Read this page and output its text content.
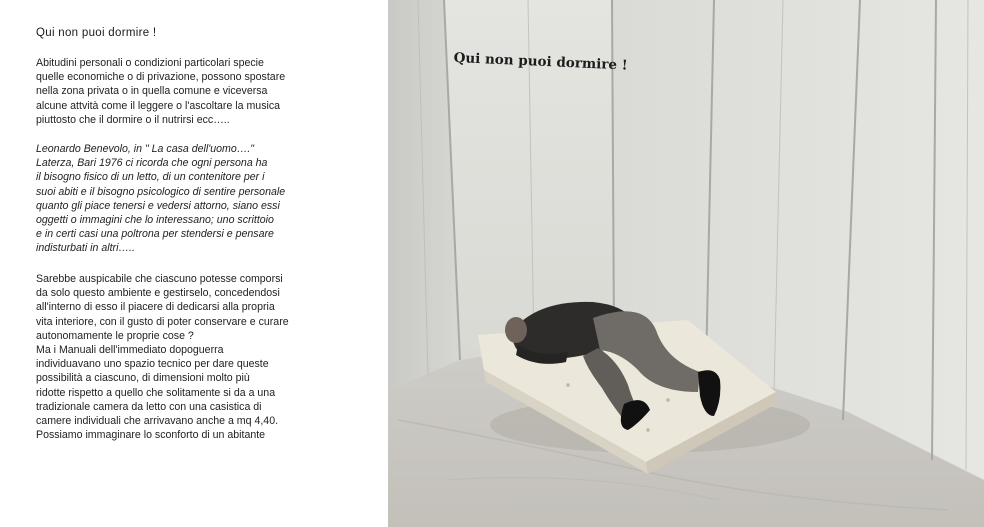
Qui non puoi dormire !
Abitudini personali o condizioni particolari specie
quelle economiche o di privazione, possono spostare
nella zona privata o in quella comune e viceversa
alcune attvità come il leggere o l'ascoltare la musica
piuttosto che il dormire o il nutrirsi ecc…..
Leonardo Benevolo, in " La casa dell'uomo…."
Laterza, Bari 1976 ci ricorda che ogni persona ha
il bisogno fisico di un letto, di un contenitore per i
suoi abiti e il bisogno psicologico di sentire personale
quanto gli piace tenersi e vedersi attorno, siano essi
oggetti o immagini che lo interessano; uno scrittoio
e in certi casi una poltrona per stendersi e pensare
indisturbati in altri…..
Sarebbe auspicabile che ciascuno potesse comporsi
da solo questo ambiente e gestirselo, concedendosi
all'interno di esso il piacere di dedicarsi alla propria
vita interiore, con il gusto di poter conservare e curare
autonomamente le proprie cose ?
Ma i Manuali dell'immediato dopoguerra
individuavano uno spazio tecnico per dare queste
possibilità a ciascuno, di dimensioni molto più
ridotte rispetto a quello che solitamente si da a una
tradizionale camera da letto con una casistica di
camere individuali che arrivavano anche a mq 4,40.
Possiamo immaginare lo sconforto di un abitante
Qui non puoi dormire !
